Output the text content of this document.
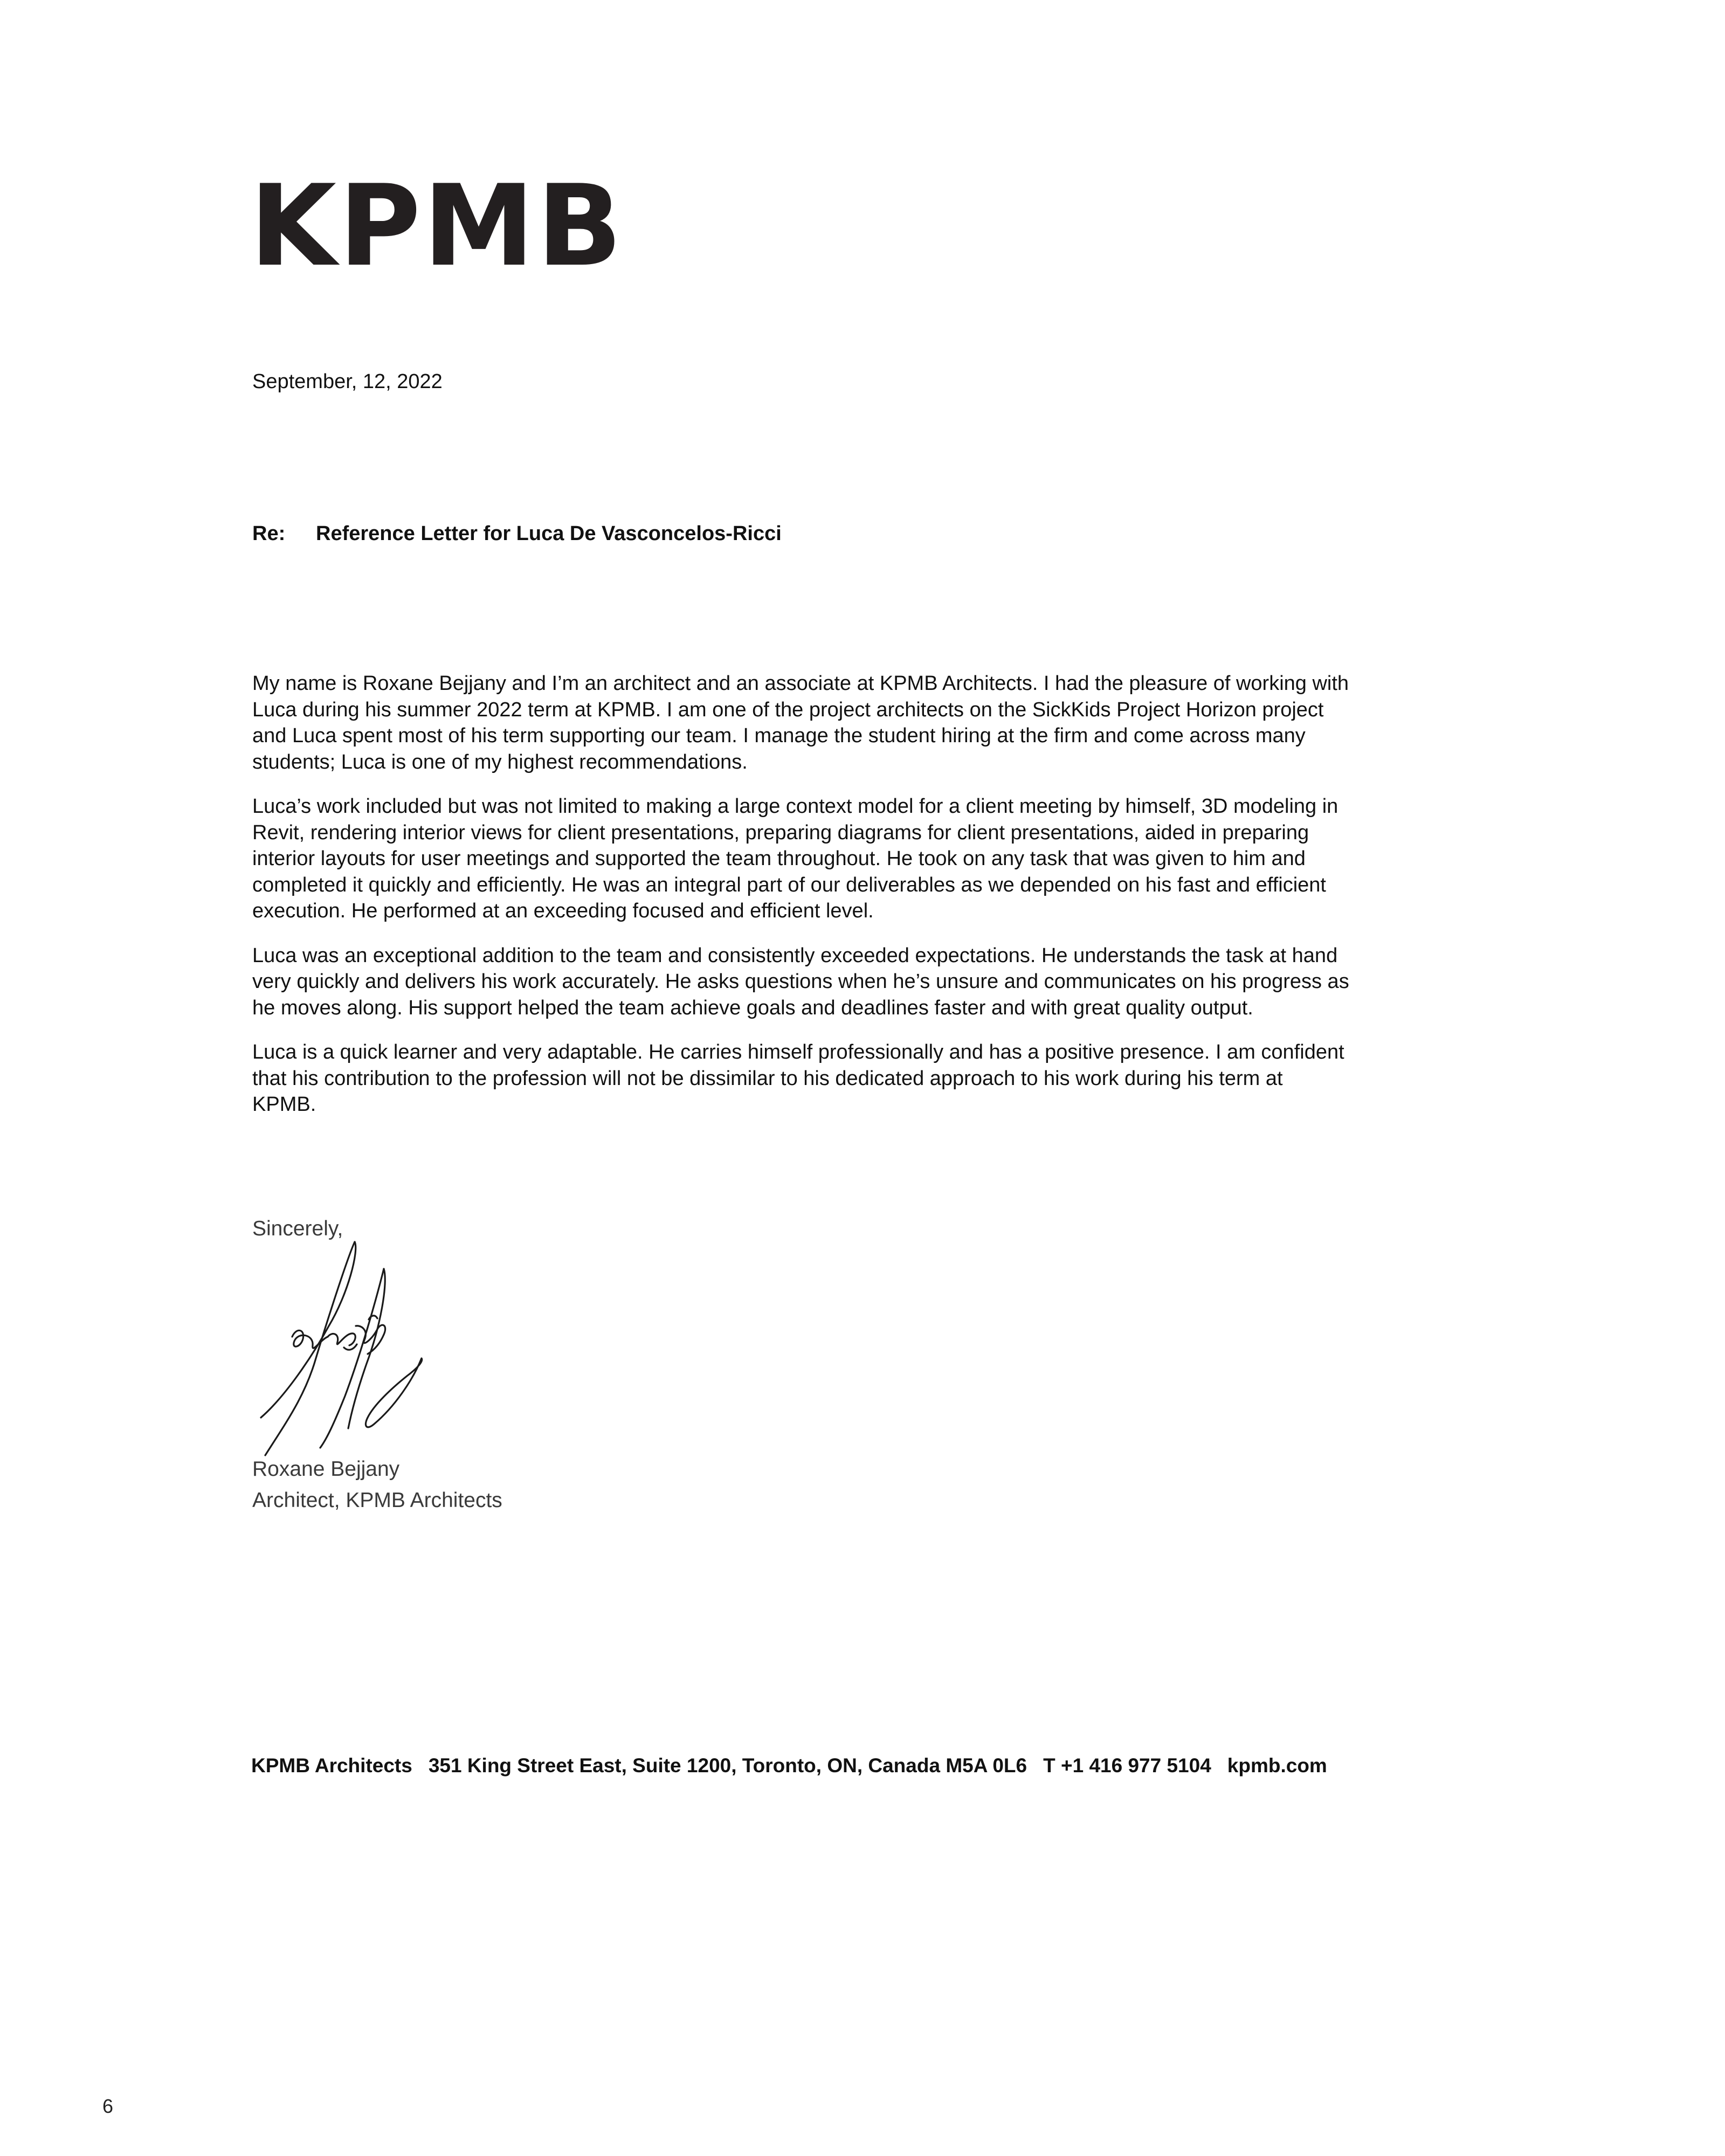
KPMB

September, 12, 2022

Re: Reference Letter for Luca De Vasconcelos-Ricci

My name is Roxane Bejjany and I’m an architect and an associate at KPMB Architects. I had the pleasure of working with Luca during his summer 2022 term at KPMB. I am one of the project architects on the SickKids Project Horizon project and Luca spent most of his term supporting our team. I manage the student hiring at the firm and come across many students; Luca is one of my highest recommendations.

Luca’s work included but was not limited to making a large context model for a client meeting by himself, 3D modeling in Revit, rendering interior views for client presentations, preparing diagrams for client presentations, aided in preparing interior layouts for user meetings and supported the team throughout. He took on any task that was given to him and completed it quickly and efficiently. He was an integral part of our deliverables as we depended on his fast and efficient execution. He performed at an exceeding focused and efficient level.

Luca was an exceptional addition to the team and consistently exceeded expectations. He understands the task at hand very quickly and delivers his work accurately. He asks questions when he’s unsure and communicates on his progress as he moves along. His support helped the team achieve goals and deadlines faster and with great quality output.

Luca is a quick learner and very adaptable. He carries himself professionally and has a positive presence. I am confident that his contribution to the profession will not be dissimilar to his dedicated approach to his work during his term at KPMB.

Sincerely,

Roxane Bejjany

Architect, KPMB Architects

KPMB Architects 351 King Street East, Suite 1200, Toronto, ON, Canada M5A 0L6 T +1 416 977 5104 kpmb.com

6
